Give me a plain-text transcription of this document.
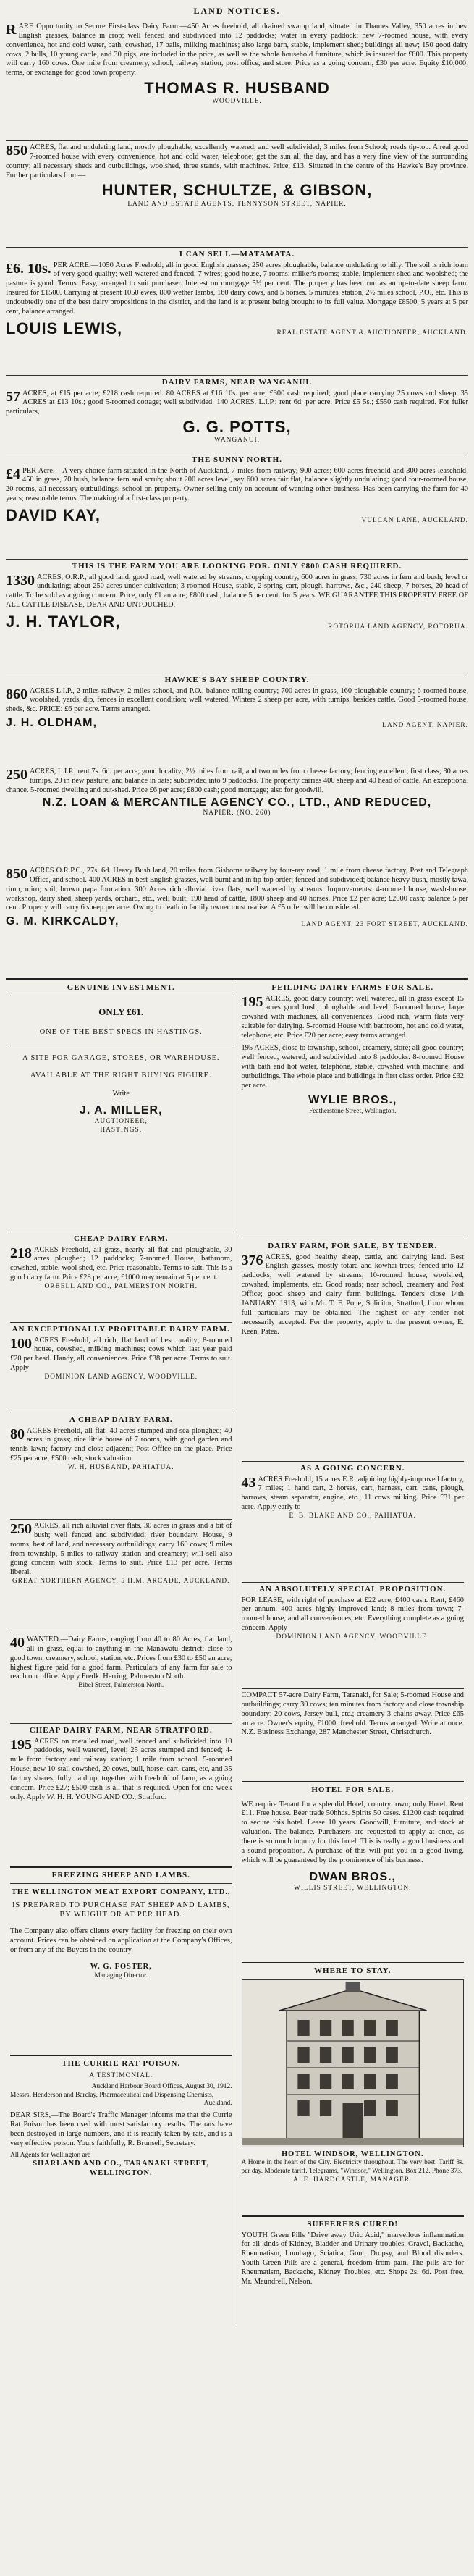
LAND NOTICES.
R ARE Opportunity to Secure First-class Dairy Farm.—450 Acres freehold, all drained swamp land, situated in Thames Valley, 350 acres in best English grasses, balance in crop; well fenced and subdivided into 12 paddocks; water in every paddock; new 7-roomed house, with every convenience, hot and cold water, bath, cowshed, 17 bails, milking machines; also large barn, stable, implement shed; buildings all new; 150 good dairy cows, 2 bulls, 10 young cattle, and 30 pigs, are included in the price, as well as the whole household furniture, which is insured for £800. This property will carry 160 cows. One mile from creamery, school, railway station, post office, and store. Price as a going concern, £30 per acre. Equity £10,000; terms, or exchange for good town property.
THOMAS R. HUSBAND
WOODVILLE.
850 ACRES, flat and undulating land, mostly ploughable, excellently watered, and well subdivided; 3 miles from School; roads tip-top. A real good 7-roomed house with every convenience, hot and cold water, telephone; get the sun all the day, and has a very fine view of the surrounding country; all necessary sheds and outbuildings, woolshed, three stands, with machines. Price, £13. Situated in the centre of the Hawke's Bay province. Further particulars from—
HUNTER, SCHULTZE, & GIBSON,
LAND AND ESTATE AGENTS. TENNYSON STREET, NAPIER.
I CAN SELL—MATAMATA.
£6. 10s. PER ACRE.—1050 Acres Freehold; all in good English grasses; 250 acres ploughable, balance undulating to hilly. The soil is rich loam of very good quality; well-watered and fenced, 7 wires; good house, 7 rooms; milker's rooms; stable, implement shed and woolshed; the pasture is good. Terms: Easy, arranged to suit purchaser. Interest on mortgage 5½ per cent. The property has been run as an up-to-date sheep farm. Insured for £1500. Carrying at present 1050 ewes, 800 wether lambs, 160 dairy cows, and 5 horses. 5 minutes' station, 2½ miles school, P.O., etc. This is undoubtedly one of the best dairy propositions in the district, and the land is at present being brought to its full value. Mortgage £8500, 5 years at 5 per cent, balance arranged.
LOUIS LEWIS,	REAL ESTATE AGENT & AUCTIONEER, AUCKLAND.
DAIRY FARMS, NEAR WANGANUI.
57 ACRES, at £15 per acre; £218 cash required. 80 ACRES at £16 10s. per acre; £300 cash required; good place carrying 25 cows and sheep. 35 ACRES at £13 10s.; good 5-roomed cottage; well subdivided. 140 ACRES, L.I.P.; rent 6d. per acre. Price £5 5s.; £550 cash required. For fuller particulars,
G. G. POTTS,
WANGANUI.
THE SUNNY NORTH.
£4 PER Acre.—A very choice farm situated in the North of Auckland, 7 miles from railway; 900 acres; 600 acres freehold and 300 acres leasehold; 450 in grass, 70 bush, balance fern and scrub; about 200 acres level, say 600 acres fair flat, balance slightly undulating; good four-roomed house, 20 rooms, all necessary outbuildings; school on property. Owner selling only on account of wanting other business. Has been carrying the farm for 40 years; reasonable terms. The making of a first-class property.
DAVID KAY,	VULCAN LANE, AUCKLAND.
THIS IS THE FARM YOU ARE LOOKING FOR. ONLY £800 CASH REQUIRED.
1330 ACRES, O.R.P., all good land, good road, well watered by streams, cropping country, 600 acres in grass, 730 acres in fern and bush, level or undulating; about 250 acres under cultivation; 3-roomed House, stable, 2 spring-cart, plough, harrows, &c., 240 sheep, 7 horses, 20 head of cattle. To be sold as a going concern. Price, only £1 an acre; £800 cash, balance 5 per cent. for 5 years. WE GUARANTEE THIS PROPERTY FREE OF ALL CATTLE DISEASE, DEAR AND UNTOUCHED.
J. H. TAYLOR,	ROTORUA LAND AGENCY, ROTORUA.
HAWKE'S BAY SHEEP COUNTRY.
860 ACRES L.I.P., 2 miles railway, 2 miles school, and P.O., balance rolling country; 700 acres in grass, 160 ploughable country; 6-roomed house, woolshed, yards, dip, fences in excellent condition; well watered. Winters 2 sheep per acre, with turnips, besides cattle. Good 5-roomed house, sheds, &c. PRICE: £6 per acre. Terms arranged.
J. H. OLDHAM,	LAND AGENT, NAPIER.
250 ACRES, L.I.P., rent 7s. 6d. per acre; good locality; 2½ miles from rail, and two miles from cheese factory; fencing excellent; first class; 30 acres turnips, 20 in new pasture, and balance in oats; subdivided into 9 paddocks. The property carries 400 sheep and 40 head of cattle. An exceptional chance. 5-roomed dwelling and out-shed. Price £6 per acre; £800 cash; good mortgage; also for goodwill.
N.Z. LOAN & MERCANTILE AGENCY CO., LTD., AND REDUCED,
NAPIER. (NO. 260)
850 ACRES O.R.P.C., 27s. 6d. Heavy Bush land, 20 miles from Gisborne railway by four-ray road, 1 mile from cheese factory, Post and Telegraph Office, and school. 400 ACRES in best English grasses, well burnt and in tip-top order; fenced and subdivided; balance heavy bush, mostly tawa, rimu, miro; soil, brown papa formation. 300 Acres rich alluvial river flats, well watered by streams. Improvements: 4-roomed house, wash-house, workshop, dairy shed, sheep yards, orchard, etc., well built; 190 head of cattle, 1800 sheep and 40 horses. Price £2 per acre; £2000 cash; balance 5 per cent. Property will carry 6 sheep per acre. Owing to death in family owner must realise. A £5 offer will be considered.
G. M. KIRKCALDY,	LAND AGENT, 23 FORT STREET, AUCKLAND.
GENUINE INVESTMENT.
ONLY £61.
ONE OF THE BEST SPECS IN HASTINGS.
A SITE FOR GARAGE, STORES, OR WAREHOUSE.
AVAILABLE AT THE RIGHT BUYING FIGURE.
Write
J. A. MILLER,
AUCTIONEER,
HASTINGS.
CHEAP DAIRY FARM.
218 ACRES Freehold, all grass, nearly all flat and ploughable, 30 acres ploughed; 12 paddocks; 7-roomed House, bathroom, cowshed, stable, wool shed, etc. Price reasonable. Terms to suit. This is a good dairy farm. Price £28 per acre; £1000 may remain at 5 per cent.
ORBELL AND CO., PALMERSTON NORTH.
AN EXCEPTIONALLY PROFITABLE DAIRY FARM.
100 ACRES Freehold, all rich, flat land of best quality; 8-roomed house, cowshed, milking machines; cows which last year paid £20 per head. Handy, all conveniences. Price £38 per acre. Terms to suit. Apply
DOMINION LAND AGENCY, WOODVILLE.
A CHEAP DAIRY FARM.
80 ACRES Freehold, all flat, 40 acres stumped and sea ploughed; 40 acres in grass; nice little house of 7 rooms, with good garden and tennis lawn; factory and close adjacent; Post Office on the place. Price £25 per acre; £500 cash; stock valuation.
W. H. HUSBAND, PAHIATUA.
250 ACRES, all rich alluvial river flats, 30 acres in grass and a bit of bush; well fenced and subdivided; river boundary. House, 9 rooms, best of land, and necessary outbuildings; carry 160 cows; 9 miles from township, 5 miles to railway station and creamery; will sell also going concern with stock. Terms to suit. Price £13 per acre. Terms liberal.
GREAT NORTHERN AGENCY, 5 H.M. ARCADE, AUCKLAND.
40 WANTED.—Dairy Farms, ranging from 40 to 80 Acres, flat land, all in grass, equal to anything in the Manawatu district; close to good town, creamery, school, station, etc. Prices from £30 to £50 an acre; highest figure paid for a good farm. Particulars of any farm for sale to reach our office. Apply Fredk. Herring, Palmerston North.
Bibel Street, Palmerston North.
CHEAP DAIRY FARM, NEAR STRATFORD.
195 ACRES on metalled road, well fenced and subdivided into 10 paddocks, well watered, level; 25 acres stumped and fenced; 4-mile from factory and railway station; 1 mile from school. 5-roomed House, new 10-stall cowshed, 20 cows, bull, horse, cart, cans, etc, and 35 factory shares, fully paid up, together with freehold of farm, as a going concern. Price £27; £500 cash is all that is required. Open for one week only. Apply W. H. H. YOUNG AND CO., Stratford.
FREEZING SHEEP AND LAMBS.
THE WELLINGTON MEAT EXPORT COMPANY, LTD.,
IS PREPARED TO PURCHASE FAT SHEEP AND LAMBS, BY WEIGHT OR AT PER HEAD.
The Company also offers clients every facility for freezing on their own account. Prices can be obtained on application at the Company's Offices, or from any of the Buyers in the country.
W. G. FOSTER,
Managing Director.
THE CURRIE RAT POISON.
A TESTIMONIAL.
Auckland Harbour Board Offices, August 30, 1912.
Messrs. Henderson and Barclay, Pharmaceutical and Dispensing Chemists,
Auckland.
DEAR SIRS,—The Board's Traffic Manager informs me that the Currie Rat Poison has been used with most satisfactory results. The rats have been destroyed in large numbers, and it is readily taken by rats, and is a very effective poison. Yours faithfully, R. Brunsell, Secretary.
All Agents for Wellington are—
SHARLAND AND CO., TARANAKI STREET, WELLINGTON.
FEILDING DAIRY FARMS FOR SALE.
195 ACRES, good dairy country; well watered, all in grass except 15 acres good bush; ploughable and level; 6-roomed house, large cowshed with machines, all conveniences. Good rich, warm flats very suitable for dairying. 5-roomed House with bathroom, hot and cold water, telephone, etc. Price £20 per acre; easy terms arranged.
195 ACRES, close to township, school, creamery, store; all good country; well fenced, watered, and subdivided into 8 paddocks. 8-roomed House with bath and hot water, telephone, stable, cowshed with machine, and outbuildings. The whole place and buildings in first class order. Price £32 per acre.
WYLIE BROS.,
Featherstone Street, Wellington.
DAIRY FARM, FOR SALE, BY TENDER.
376 ACRES, good healthy sheep, cattle, and dairying land. Best English grasses, mostly totara and kowhai trees; fenced into 12 paddocks; well watered by streams; 10-roomed house, woolshed, cowshed, implements, etc. Good roads; near school, creamery and Post Office; good sheep and dairy farm buildings. Tenders close 14th JANUARY, 1913, with Mr. T. F. Pope, Solicitor, Stratford, from whom full particulars may be obtained. The highest or any tender not necessarily accepted. For the property, apply to the present owner, E. Keen, Patea.
AS A GOING CONCERN.
43 ACRES Freehold, 15 acres E.R. adjoining highly-improved factory, 7 miles; 1 hand cart, 2 horses, cart, harness, cart, cans, plough, harrows, steam separator, engine, etc.; 11 cows milking. Price £31 per acre. Apply early to
E. B. BLAKE AND CO., PAHIATUA.
AN ABSOLUTELY SPECIAL PROPOSITION.
FOR LEASE, with right of purchase at £22 acre, £400 cash. Rent, £460 per annum. 400 acres highly improved land; 8 miles from town; 7-roomed house, and all conveniences, etc. Everything complete as a going concern. Apply
DOMINION LAND AGENCY, WOODVILLE.
COMPACT 57-acre Dairy Farm, Taranaki, for Sale; 5-roomed House and outbuildings; carry 30 cows; ten minutes from factory and close township boundary; 20 cows, Jersey bull, etc.; creamery 3 chains away. Price £65 an acre. Owner's equity, £1000; freehold. Terms arranged. Write at once. N.Z. Business Exchange, 287 Manchester Street, Christchurch.
HOTEL FOR SALE.
WE require Tenant for a splendid Hotel, country town; only Hotel. Rent £11. Free house. Beer trade 50hhds. Spirits 50 cases. £1200 cash required to secure this hotel. Lease 10 years. Goodwill, furniture, and stock at valuation. The balance. Purchasers are requested to apply at once, as there is so much inquiry for this hotel. This is really a good business and a sound proposition. A purchase of this will put you in a good living, which will be guaranteed by the prominence of his business.
DWAN BROS.,
WILLIS STREET, WELLINGTON.
WHERE TO STAY.
HOTEL WINDSOR, WELLINGTON.
A Home in the heart of the City. Electricity throughout. The very best. Tariff 8s. per day. Moderate tariff. Telegrams, "Windsor," Wellington. Box 212. Phone 373.
A. E. HARDCASTLE, MANAGER.
SUFFERERS CURED!
YOUTH Green Pills "Drive away Uric Acid," marvellous inflammation for all kinds of Kidney, Bladder and Urinary troubles, Gravel, Backache, Rheumatism, Lumbago, Sciatica, Gout, Dropsy, and Blood disorders. Youth Green Pills are a general, freedom from pain. The pills are for Rheumatism, Backache, Kidney Troubles, etc. Shops 2s. 6d. Post free. Mr. Maundrell, Nelson.
